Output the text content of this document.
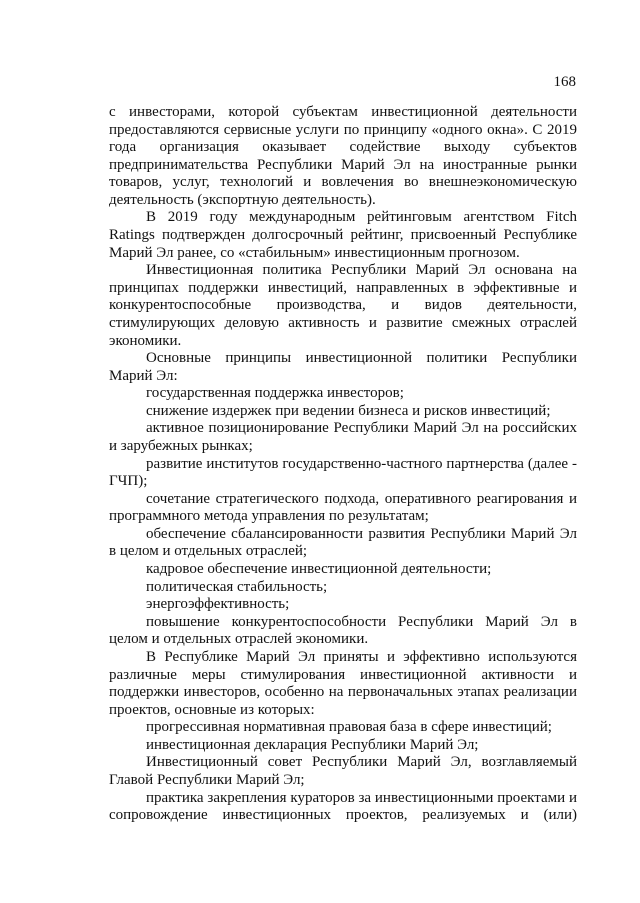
168

с инвесторами, которой субъектам инвестиционной деятельности предоставляются сервисные услуги по принципу «одного окна». С 2019 года организация оказывает содействие выходу субъектов предпринимательства Республики Марий Эл на иностранные рынки товаров, услуг, технологий и вовлечения во внешнеэкономическую деятельность (экспортную деятельность).

В 2019 году международным рейтинговым агентством Fitch Ratings подтвержден долгосрочный рейтинг, присвоенный Республике Марий Эл ранее, со «стабильным» инвестиционным прогнозом.

Инвестиционная политика Республики Марий Эл основана на принципах поддержки инвестиций, направленных в эффективные и конкурентоспособные производства, и видов деятельности, стимулирующих деловую активность и развитие смежных отраслей экономики.

Основные принципы инвестиционной политики Республики Марий Эл:

государственная поддержка инвесторов;

снижение издержек при ведении бизнеса и рисков инвестиций;

активное позиционирование Республики Марий Эл на российских и зарубежных рынках;

развитие институтов государственно-частного партнерства (далее - ГЧП);

сочетание стратегического подхода, оперативного реагирования и программного метода управления по результатам;

обеспечение сбалансированности развития Республики Марий Эл в целом и отдельных отраслей;

кадровое обеспечение инвестиционной деятельности;

политическая стабильность;

энергоэффективность;

повышение конкурентоспособности Республики Марий Эл в целом и отдельных отраслей экономики.

В Республике Марий Эл приняты и эффективно используются различные меры стимулирования инвестиционной активности и поддержки инвесторов, особенно на первоначальных этапах реализации проектов, основные из которых:

прогрессивная нормативная правовая база в сфере инвестиций;

инвестиционная декларация Республики Марий Эл;

Инвестиционный совет Республики Марий Эл, возглавляемый Главой Республики Марий Эл;

практика закрепления кураторов за инвестиционными проектами и сопровождение инвестиционных проектов, реализуемых и (или)
